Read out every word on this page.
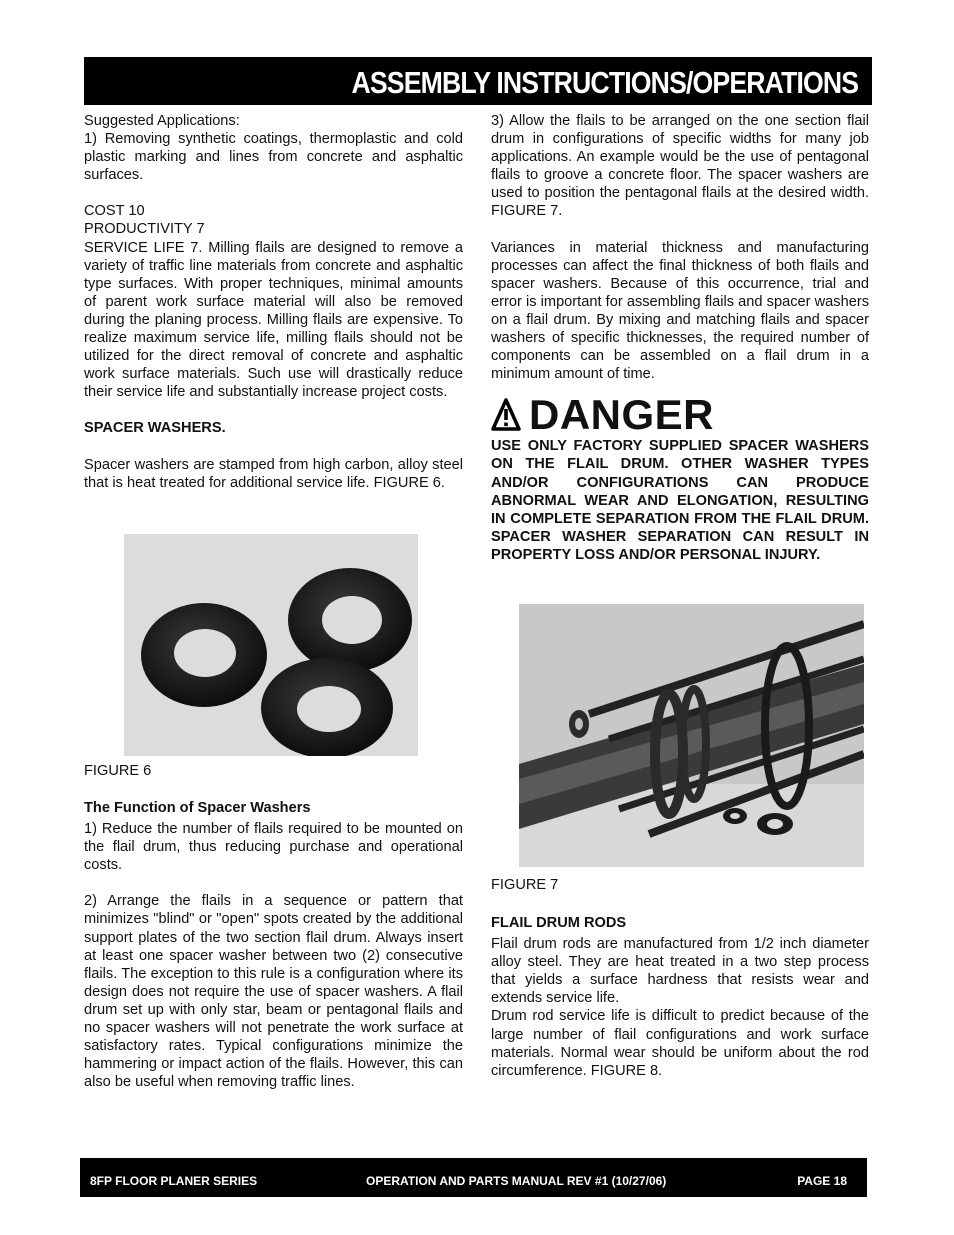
ASSEMBLY INSTRUCTIONS/OPERATIONS

Suggested Applications:

1) Removing synthetic coatings, thermoplastic and cold plastic marking and lines from concrete and asphaltic surfaces.

COST 10

PRODUCTIVITY 7

SERVICE LIFE 7. Milling flails are designed to remove a variety of traffic line materials from concrete and asphaltic type surfaces. With proper techniques, minimal amounts of parent work surface material will also be removed during the planing process. Milling flails are expensive. To realize maximum service life, milling flails should not be utilized for the direct removal of concrete and asphaltic work surface materials. Such use will drastically reduce their service life and substantially increase project costs.

SPACER WASHERS.

Spacer washers are stamped from high carbon, alloy steel that is heat treated for additional service life. FIGURE 6.

FIGURE 6

The Function of Spacer Washers

1) Reduce the number of flails required to be mounted on the flail drum, thus reducing purchase and operational costs.

2) Arrange the flails in a sequence or pattern that minimizes "blind" or "open" spots created by the additional support plates of the two section flail drum. Always insert at least one spacer washer between two (2) consecutive flails. The exception to this rule is a configuration where its design does not require the use of spacer washers. A flail drum set up with only star, beam or pentagonal flails and no spacer washers will not penetrate the work surface at satisfactory rates. Typical configurations minimize the hammering or impact action of the flails. However, this can also be useful when removing traffic lines.

3) Allow the flails to be arranged on the one section flail drum in configurations of specific widths for many job applications. An example would be the use of pentagonal flails to groove a concrete floor. The spacer washers are used to position the pentagonal flails at the desired width. FIGURE 7.

Variances in material thickness and manufacturing processes can affect the final thickness of both flails and spacer washers. Because of this occurrence, trial and error is important for assembling flails and spacer washers on a flail drum. By mixing and matching flails and spacer washers of specific thicknesses, the required number of components can be assembled on a flail drum in a minimum amount of time.

DANGER

USE ONLY FACTORY SUPPLIED SPACER WASHERS ON THE FLAIL DRUM. OTHER WASHER TYPES AND/OR CONFIGURATIONS CAN PRODUCE ABNORMAL WEAR AND ELONGATION, RESULTING IN COMPLETE SEPARATION FROM THE FLAIL DRUM. SPACER WASHER SEPARATION CAN RESULT IN PROPERTY LOSS AND/OR PERSONAL INJURY.

FIGURE 7

FLAIL DRUM RODS

Flail drum rods are manufactured from 1/2 inch diameter alloy steel. They are heat treated in a two step process that yields a surface hardness that resists wear and extends service life.

Drum rod service life is difficult to predict because of the large number of flail configurations and work surface materials. Normal wear should be uniform about the rod circumference. FIGURE 8.

8FP FLOOR PLANER SERIES	OPERATION AND PARTS MANUAL REV #1 (10/27/06)	PAGE 18
